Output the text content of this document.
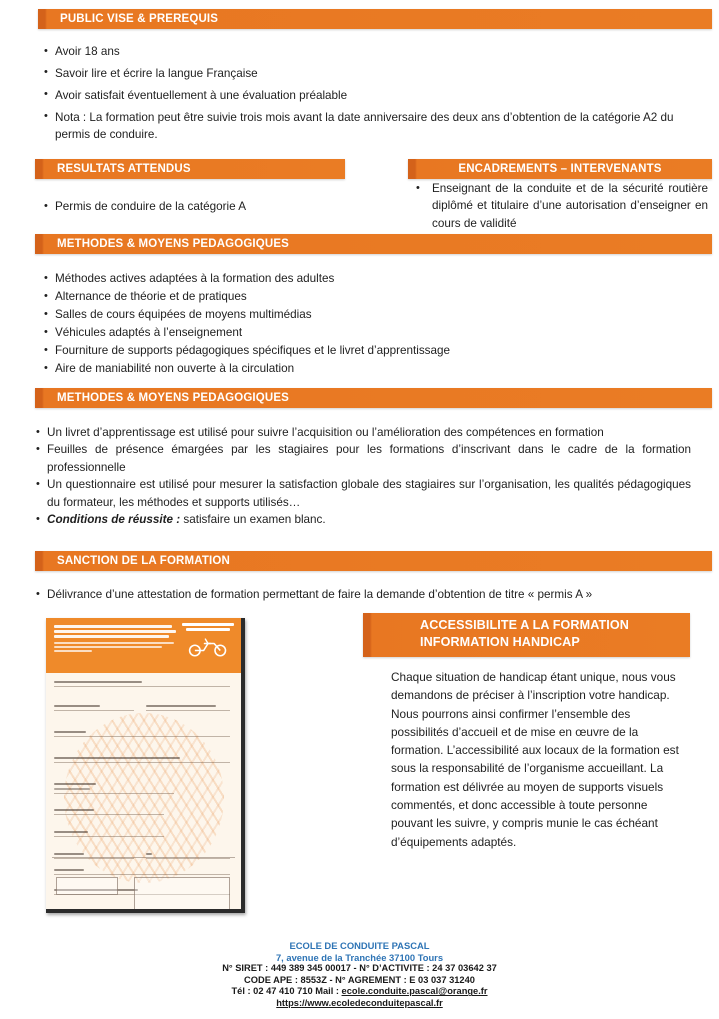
PUBLIC VISE & PREREQUIS
• Avoir 18 ans
• Savoir lire et écrire la langue Française
• Avoir satisfait éventuellement à une évaluation préalable
• Nota : La formation peut être suivie trois mois avant la date anniversaire des deux ans d’obtention de la catégorie A2 du permis de conduire.
RESULTATS ATTENDUS
• Permis de conduire de la catégorie A
ENCADREMENTS – INTERVENANTS
• Enseignant de la conduite et de la sécurité routière diplômé et titulaire d’une autorisation d’enseigner en cours de validité
METHODES & MOYENS PEDAGOGIQUES
• Méthodes actives adaptées à la formation des adultes
• Alternance de théorie et de pratiques
• Salles de cours équipées de moyens multimédias
• Véhicules adaptés à l’enseignement
• Fourniture de supports pédagogiques spécifiques et le livret d’apprentissage
• Aire de maniabilité non ouverte à la circulation
METHODES & MOYENS PEDAGOGIQUES
• Un livret d’apprentissage est utilisé pour suivre l’acquisition ou l’amélioration des compétences en formation
• Feuilles de présence émargées par les stagiaires pour les formations d’inscrivant dans le cadre de la formation professionnelle
• Un questionnaire est utilisé pour mesurer la satisfaction globale des stagiaires sur l’organisation, les qualités pédagogiques du formateur, les méthodes et supports utilisés…
• Conditions de réussite : satisfaire un examen blanc.
SANCTION DE LA FORMATION
• Délivrance d’une attestation de formation permettant de faire la demande d’obtention de titre « permis A »
ACCESSIBILITE A LA FORMATION
INFORMATION HANDICAP
Chaque situation de handicap étant unique, nous vous demandons de préciser à l’inscription votre handicap. Nous pourrons ainsi confirmer l’ensemble des possibilités d’accueil et de mise en œuvre de la formation. L’accessibilité aux locaux de la formation est sous la responsabilité de l’organisme accueillant. La formation est délivrée au moyen de supports visuels commentés, et donc accessible à toute personne pouvant les suivre, y compris munie le cas échéant d’équipements adaptés.
ECOLE DE CONDUITE PASCAL
7, avenue de la Tranchée 37100 Tours
N° SIRET : 449 389 345 00017 - N° D’ACTIVITE : 24 37 03642 37
CODE APE : 8553Z - N° AGREMENT : E 03 037 31240
Tél : 02 47 410 710 Mail : ecole.conduite.pascal@orange.fr
https://www.ecoledeconduitepascal.fr
